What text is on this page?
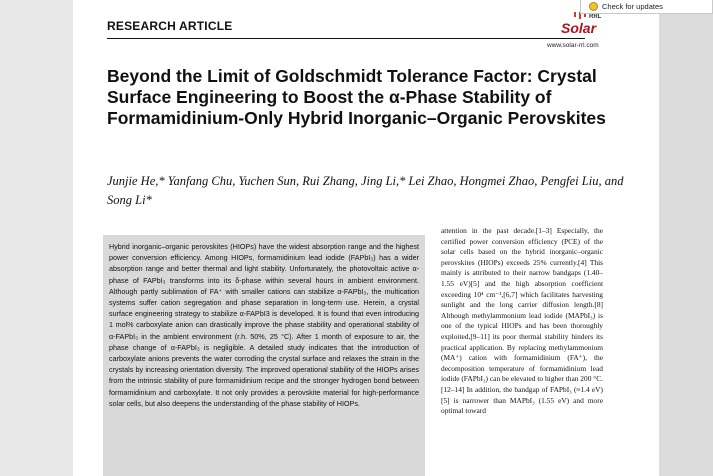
RESEARCH ARTICLE
RRL
Solar
www.solar-rrl.com
Beyond the Limit of Goldschmidt Tolerance Factor: Crystal Surface Engineering to Boost the α-Phase Stability of Formamidinium-Only Hybrid Inorganic–Organic Perovskites
Junjie He,* Yanfang Chu, Yuchen Sun, Rui Zhang, Jing Li,* Lei Zhao, Hongmei Zhao, Pengfei Liu, and Song Li*

Hybrid inorganic–organic perovskites (HIOPs) have the widest absorption range and the highest power conversion efficiency. Among HIOPs, formamidinium lead iodide (FAPbI₃) has a wider absorption range and better thermal and light stability. Unfortunately, the photovoltaic active α-phase of FAPbI₃ transforms into its δ-phase within several hours in ambient environment. Although partly sublimation of FA⁺ with smaller cations can stabilize α-FAPbI₃, the multication systems suffer cation segregation and phase separation in long-term use. Herein, a crystal surface engineering strategy to stabilize α-FAPbI3 is developed. It is found that even introducing 1 mol% carboxylate anion can drastically improve the phase stability and operational stability of α-FAPbI₃ in the ambient environment (r.h. 50%, 25 °C). After 1 month of exposure to air, the phase change of α-FAPbI₃ is negligible. A detailed study indicates that the introduction of carboxylate anions prevents the water corroding the crystal surface and relaxes the strain in the crystals by increasing orientation diversity. The improved operational stability of the HIOPs arises from the intrinsic stability of pure formamidinium recipe and the stronger hydrogen bond between formamidinium and carboxylate. It not only provides a perovskite material for high-performance solar cells, but also deepens the understanding of the phase stability of HIOPs.

attention in the past decade.[1–3] Especially, the certified power conversion efficiency (PCE) of the solar cells based on the hybrid inorganic–organic perovskites (HIOPs) exceeds 25% currently.[4] This mainly is attributed to their narrow bandgaps (1.40–1.55 eV)[5] and the high absorption coefficient exceeding 10⁴ cm⁻¹,[6,7] which facilitates harvesting sunlight and the long carrier diffusion length.[8] Although methylammonium lead iodide (MAPbI₃) is one of the typical HIOPs and has been thoroughly exploited,[9–11] its poor thermal stability hinders its practical application. By replacing methylammonium (MA⁺) cation with formamidinium (FA⁺), the decomposition temperature of formamidinium lead iodide (FAPbI₃) can be elevated to higher than 200 °C.[12–14] In addition, the bandgap of FAPbI₃ (≈1.4 eV)[5] is narrower than MAPbI₃ (1.55 eV) and more optimal toward

Check for updates
